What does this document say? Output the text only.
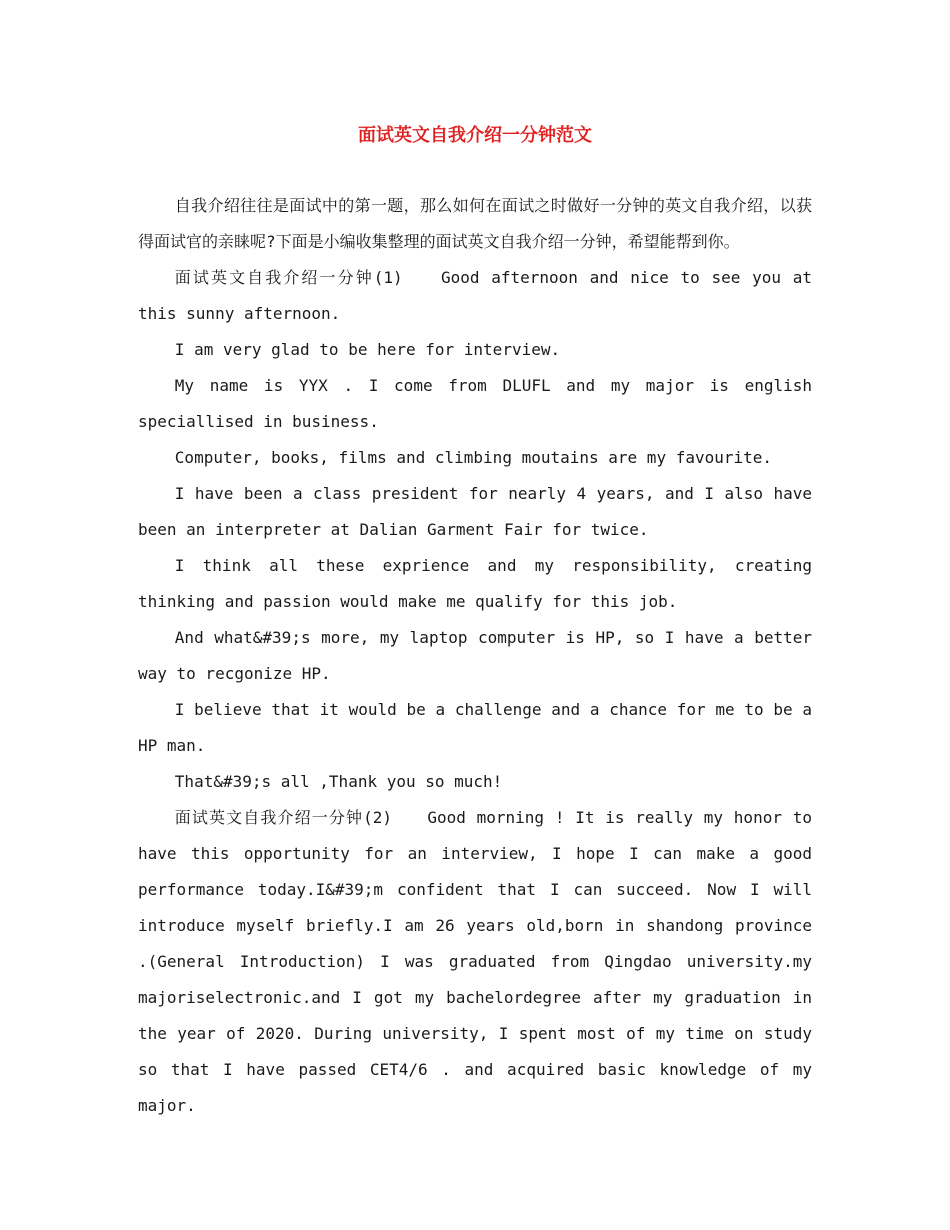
面试英文自我介绍一分钟范文

自我介绍往往是面试中的第一题，那么如何在面试之时做好一分钟的英文自我介绍，以获得面试官的亲睐呢?下面是小编收集整理的面试英文自我介绍一分钟，希望能帮到你。

面试英文自我介绍一分钟(1)　　Good afternoon and nice to see you at this sunny afternoon.

I am very glad to be here for interview.

My name is YYX . I come from DLUFL and my major is english speciallised in business.

Computer, books, films and climbing moutains are my favourite.

I have been a class president for nearly 4 years, and I also have been an interpreter at Dalian Garment Fair for twice.

I think all these exprience and my responsibility, creating thinking and passion would make me qualify for this job.

And what&#39;s more, my laptop computer is HP, so I have a better way to recgonize HP.

I believe that it would be a challenge and a chance for me to be a HP man.

That&#39;s all ,Thank you so much!

面试英文自我介绍一分钟(2)　　Good morning ! It is really my honor to have this opportunity for an interview, I hope I can make a good performance today.I&#39;m confident that I can succeed. Now I will introduce myself briefly.I am 26 years old,born in shandong province .(General Introduction) I was graduated from Qingdao university.my majoriselectronic.and I got my bachelordegree after my graduation in the year of 2020. During university, I spent most of my time on study so that I have passed CET4/6 . and acquired basic knowledge of my major.
